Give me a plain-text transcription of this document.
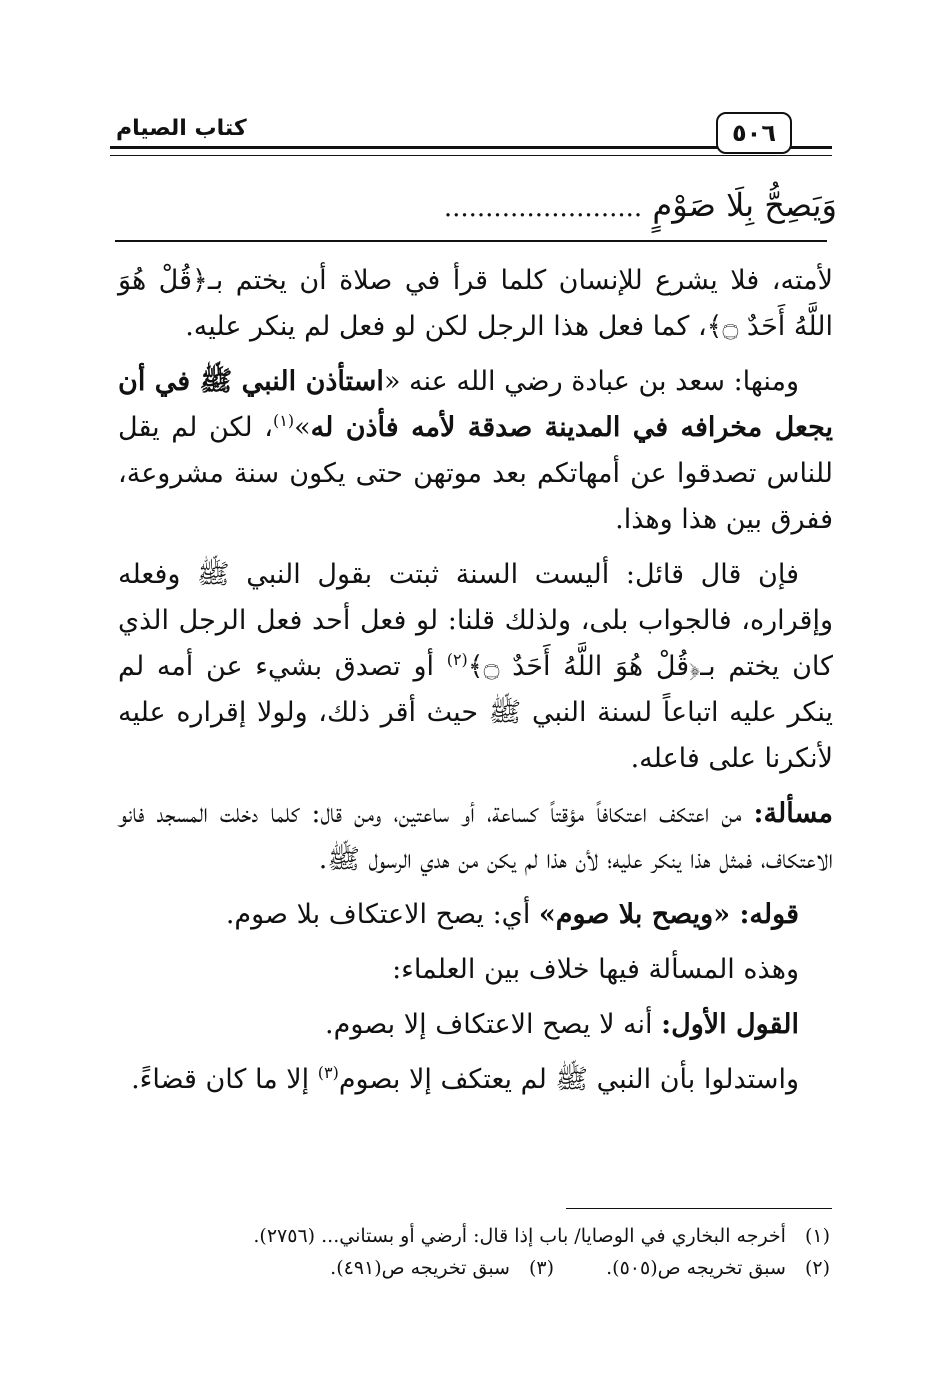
٥٠٦
كتاب الصيام
وَيَصِحُّ بِلَا صَوْمٍ ........................

لأمته، فلا يشرع للإنسان كلما قرأ في صلاة أن يختم بـ﴿قُلْ هُوَ اللَّهُ أَحَدٌ ۝﴾، كما فعل هذا الرجل لكن لو فعل لم ينكر عليه.

ومنها: سعد بن عبادة رضي الله عنه «استأذن النبي ﷺ في أن يجعل مخرافه في المدينة صدقة لأمه فأذن له»$^{(١)}$، لكن لم يقل للناس تصدقوا عن أمهاتكم بعد موتهن حتى يكون سنة مشروعة، ففرق بين هذا وهذا.

فإن قال قائل: أليست السنة ثبتت بقول النبي ﷺ وفعله وإقراره، فالجواب بلى، ولذلك قلنا: لو فعل أحد فعل الرجل الذي كان يختم بـ﴿قُلْ هُوَ اللَّهُ أَحَدٌ ۝﴾$^{(٢)}$ أو تصدق بشيء عن أمه لم ينكر عليه اتباعاً لسنة النبي ﷺ حيث أقر ذلك، ولولا إقراره عليه لأنكرنا على فاعله.

مسألة: من اعتكف اعتكافاً مؤقتاً كساعة، أو ساعتين، ومن قال: كلما دخلت المسجد فانو الاعتكاف، فمثل هذا ينكر عليه؛ لأن هذا لم يكن من هدي الرسول ﷺ.

قوله: «ويصح بلا صوم» أي: يصح الاعتكاف بلا صوم.

وهذه المسألة فيها خلاف بين العلماء:

القول الأول: أنه لا يصح الاعتكاف إلا بصوم.

واستدلوا بأن النبي ﷺ لم يعتكف إلا بصوم$^{(٣)}$ إلا ما كان قضاءً.

(١) أخرجه البخاري في الوصايا/ باب إذا قال: أرضي أو بستاني... (٢٧٥٦).
(٢) سبق تخريجه ص(٥٠٥).  (٣) سبق تخريجه ص(٤٩١).
